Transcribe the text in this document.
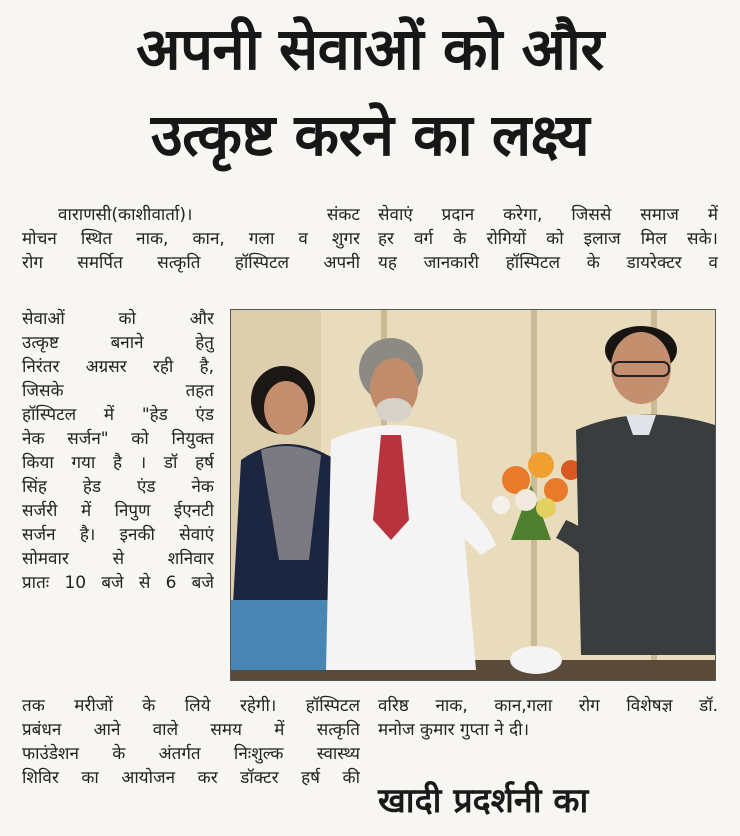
अपनी सेवाओं को और
उत्कृष्ट करने का लक्ष्य
वाराणसी(काशीवार्ता)। संकट
मोचन स्थित नाक, कान, गला व शुगर
रोग समर्पित सत्कृति हॉस्पिटल अपनी
सेवाओं को और
उत्कृष्ट बनाने हेतु
निरंतर अग्रसर रही है,
जिसके तहत
हॉस्पिटल में "हेड एंड
नेक सर्जन" को नियुक्त
किया गया है । डॉ हर्ष
सिंह हेड एंड नेक
सर्जरी में निपुण ईएनटी
सर्जन है। इनकी सेवाएं
सोमवार से शनिवार
प्रातः 10 बजे से 6 बजे
तक मरीजों के लिये रहेगी। हॉस्पिटल
प्रबंधन आने वाले समय में सत्कृति
फाउंडेशन के अंतर्गत निःशुल्क स्वास्थ्य
शिविर का आयोजन कर डॉक्टर हर्ष की
सेवाएं प्रदान करेगा, जिससे समाज में
हर वर्ग के रोगियों को इलाज मिल सके।
यह जानकारी हॉस्पिटल के डायरेक्टर व
वरिष्ठ नाक, कान,गला रोग विशेषज्ञ डॉ.
मनोज कुमार गुप्ता ने दी।
खादी प्रदर्शनी का
